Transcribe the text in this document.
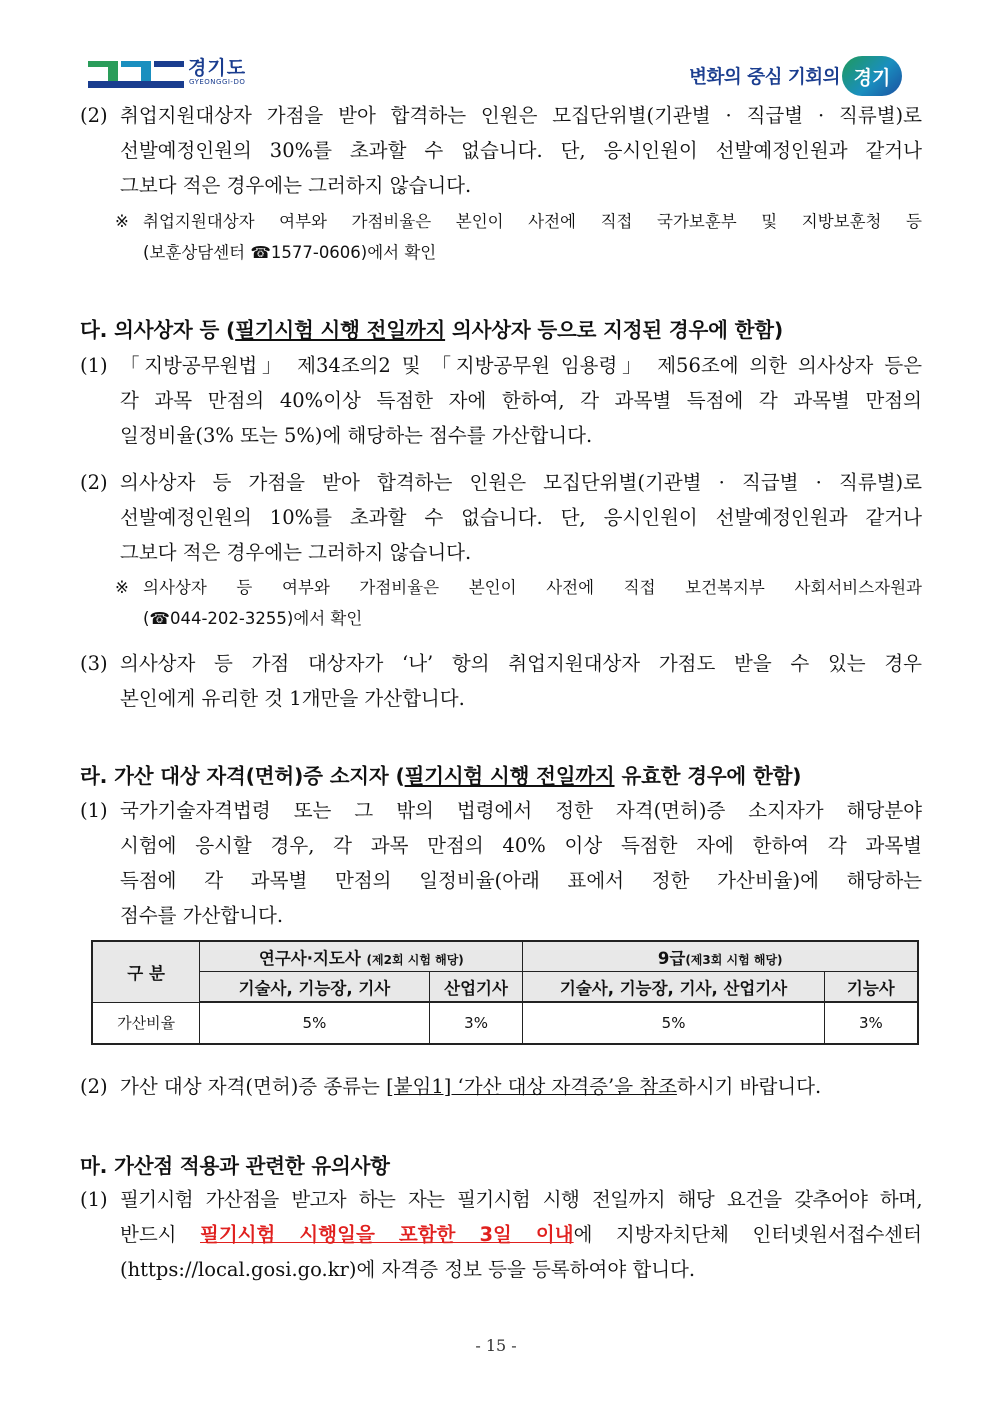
경기도
GYEONGGI-DO	변화의 중심 기회의 경기
(2) 취업지원대상자 가점을 받아 합격하는 인원은 모집단위별(기관별 · 직급별 · 직류별)로
선발예정인원의 30%를 초과할 수 없습니다. 단, 응시인원이 선발예정인원과 같거나
그보다 적은 경우에는 그러하지 않습니다.
※ 취업지원대상자 여부와 가점비율은 본인이 사전에 직접 국가보훈부 및 지방보훈청 등
(보훈상담센터 ☎1577-0606)에서 확인
다. 의사상자 등 (필기시험 시행 전일까지 의사상자 등으로 지정된 경우에 한함)
(1) 「지방공무원법」 제34조의2 및 「지방공무원 임용령」 제56조에 의한 의사상자 등은
각 과목 만점의 40%이상 득점한 자에 한하여, 각 과목별 득점에 각 과목별 만점의
일정비율(3% 또는 5%)에 해당하는 점수를 가산합니다.
(2) 의사상자 등 가점을 받아 합격하는 인원은 모집단위별(기관별 · 직급별 · 직류별)로
선발예정인원의 10%를 초과할 수 없습니다. 단, 응시인원이 선발예정인원과 같거나
그보다 적은 경우에는 그러하지 않습니다.
※ 의사상자 등 여부와 가점비율은 본인이 사전에 직접 보건복지부 사회서비스자원과
(☎044-202-3255)에서 확인
(3) 의사상자 등 가점 대상자가 ‘나’ 항의 취업지원대상자 가점도 받을 수 있는 경우
본인에게 유리한 것 1개만을 가산합니다.
라. 가산 대상 자격(면허)증 소지자 (필기시험 시행 전일까지 유효한 경우에 한함)
(1) 국가기술자격법령 또는 그 밖의 법령에서 정한 자격(면허)증 소지자가 해당분야
시험에 응시할 경우, 각 과목 만점의 40% 이상 득점한 자에 한하여 각 과목별
득점에 각 과목별 만점의 일정비율(아래 표에서 정한 가산비율)에 해당하는
점수를 가산합니다.
구 분	연구사·지도사 (제2회 시험 해당)		9급(제3회 시험 해당)	
	기술사, 기능장, 기사	산업기사	기술사, 기능장, 기사, 산업기사	기능사
가산비율	5%	3%	5%	3%
(2) 가산 대상 자격(면허)증 종류는 [붙임1] ‘가산 대상 자격증’을 참조하시기 바랍니다.
마. 가산점 적용과 관련한 유의사항
(1) 필기시험 가산점을 받고자 하는 자는 필기시험 시행 전일까지 해당 요건을 갖추어야 하며,
반드시 필기시험 시행일을 포함한 3일 이내에 지방자치단체 인터넷원서접수센터
(https://local.gosi.go.kr)에 자격증 정보 등을 등록하여야 합니다.
- 15 -
